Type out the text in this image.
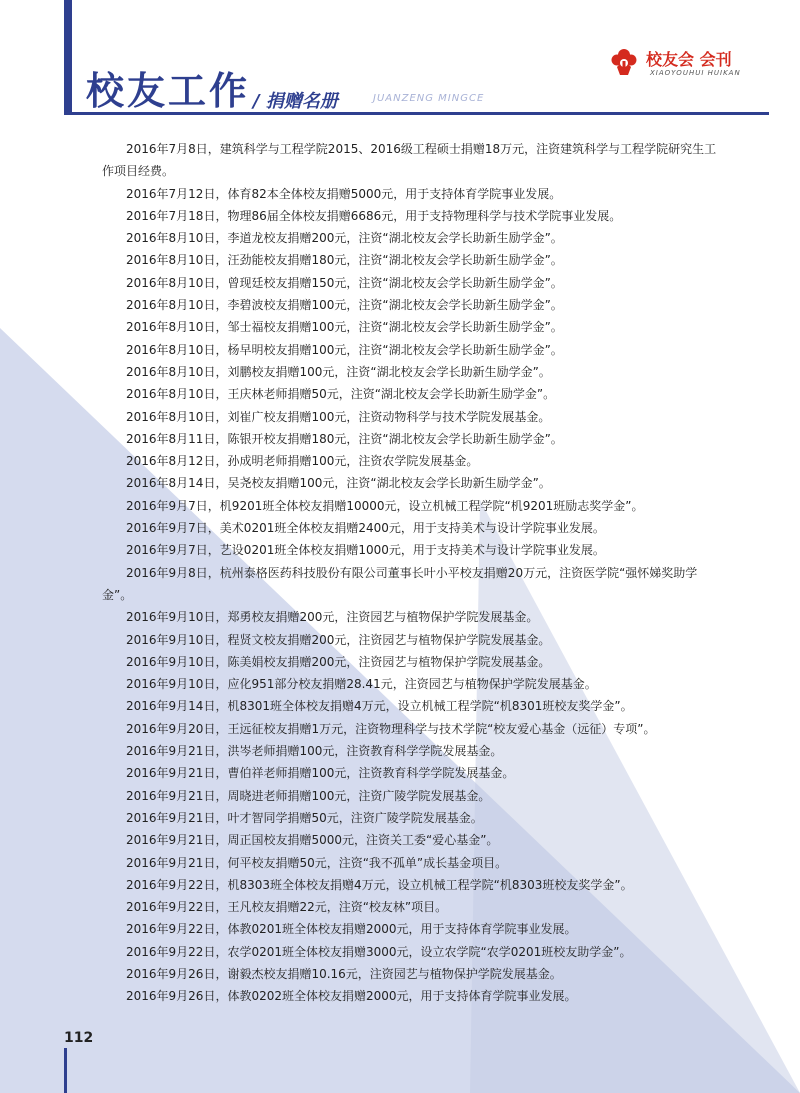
校友工作 / 捐赠名册	JUANZENG MINGCE
校友会 会刊
XIAOYOUHUI HUIKAN

2016年7月8日，建筑科学与工程学院2015、2016级工程硕士捐赠18万元，注资建筑科学与工程学院研究生工作项目经费。

2016年7月12日，体育82本全体校友捐赠5000元，用于支持体育学院事业发展。

2016年7月18日，物理86届全体校友捐赠6686元，用于支持物理科学与技术学院事业发展。

2016年8月10日，李道龙校友捐赠200元，注资“湖北校友会学长助新生励学金”。

2016年8月10日，汪劲能校友捐赠180元，注资“湖北校友会学长助新生励学金”。

2016年8月10日，曾现廷校友捐赠150元，注资“湖北校友会学长助新生励学金”。

2016年8月10日，李碧波校友捐赠100元，注资“湖北校友会学长助新生励学金”。

2016年8月10日，邹士福校友捐赠100元，注资“湖北校友会学长助新生励学金”。

2016年8月10日，杨早明校友捐赠100元，注资“湖北校友会学长助新生励学金”。

2016年8月10日，刘鹏校友捐赠100元，注资“湖北校友会学长助新生励学金”。

2016年8月10日，王庆林老师捐赠50元，注资“湖北校友会学长助新生励学金”。

2016年8月10日，刘崔广校友捐赠100元，注资动物科学与技术学院发展基金。

2016年8月11日，陈银开校友捐赠180元，注资“湖北校友会学长助新生励学金”。

2016年8月12日，孙成明老师捐赠100元，注资农学院发展基金。

2016年8月14日，吴尧校友捐赠100元，注资“湖北校友会学长助新生励学金”。

2016年9月7日，机9201班全体校友捐赠10000元，设立机械工程学院“机9201班励志奖学金”。

2016年9月7日，美术0201班全体校友捐赠2400元，用于支持美术与设计学院事业发展。

2016年9月7日，艺设0201班全体校友捐赠1000元，用于支持美术与设计学院事业发展。

2016年9月8日，杭州泰格医药科技股份有限公司董事长叶小平校友捐赠20万元，注资医学院“强怀娣奖助学金”。

2016年9月10日，郑勇校友捐赠200元，注资园艺与植物保护学院发展基金。

2016年9月10日，程贤文校友捐赠200元，注资园艺与植物保护学院发展基金。

2016年9月10日，陈美娟校友捐赠200元，注资园艺与植物保护学院发展基金。

2016年9月10日，应化951部分校友捐赠28.41元，注资园艺与植物保护学院发展基金。

2016年9月14日，机8301班全体校友捐赠4万元，设立机械工程学院“机8301班校友奖学金”。

2016年9月20日，王远征校友捐赠1万元，注资物理科学与技术学院“校友爱心基金（远征）专项”。

2016年9月21日，洪岑老师捐赠100元，注资教育科学学院发展基金。

2016年9月21日，曹伯祥老师捐赠100元，注资教育科学学院发展基金。

2016年9月21日，周晓进老师捐赠100元，注资广陵学院发展基金。

2016年9月21日，叶才智同学捐赠50元，注资广陵学院发展基金。

2016年9月21日，周正国校友捐赠5000元，注资关工委“爱心基金”。

2016年9月21日，何平校友捐赠50元，注资“我不孤单”成长基金项目。

2016年9月22日，机8303班全体校友捐赠4万元，设立机械工程学院“机8303班校友奖学金”。

2016年9月22日，王凡校友捐赠22元，注资“校友林”项目。

2016年9月22日，体教0201班全体校友捐赠2000元，用于支持体育学院事业发展。

2016年9月22日，农学0201班全体校友捐赠3000元，设立农学院“农学0201班校友助学金”。

2016年9月26日，谢毅杰校友捐赠10.16元，注资园艺与植物保护学院发展基金。

2016年9月26日，体教0202班全体校友捐赠2000元，用于支持体育学院事业发展。

112
